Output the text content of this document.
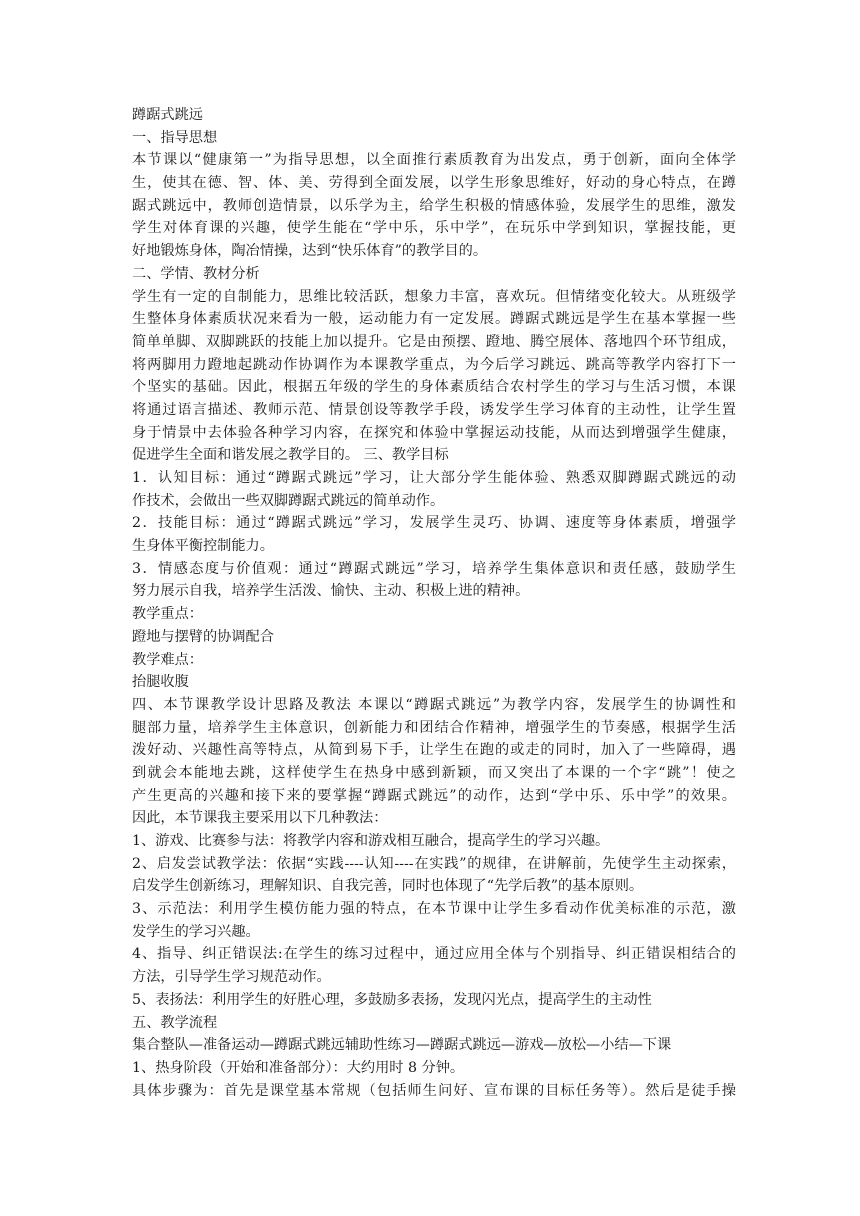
蹲踞式跳远
一、指导思想
本节课以“健康第一”为指导思想，以全面推行素质教育为出发点，勇于创新，面向全体学
生，使其在德、智、体、美、劳得到全面发展，以学生形象思维好，好动的身心特点，在蹲
踞式跳远中，教师创造情景，以乐学为主，给学生积极的情感体验，发展学生的思维，激发
学生对体育课的兴趣，使学生能在“学中乐，乐中学”，在玩乐中学到知识，掌握技能，更
好地锻炼身体，陶冶情操，达到“快乐体育”的教学目的。
二、学情、教材分析
学生有一定的自制能力，思维比较活跃，想象力丰富，喜欢玩。但情绪变化较大。从班级学
生整体身体素质状况来看为一般，运动能力有一定发展。蹲踞式跳远是学生在基本掌握一些
简单单脚、双脚跳跃的技能上加以提升。它是由预摆、蹬地、腾空展体、落地四个环节组成，
将两脚用力蹬地起跳动作协调作为本课教学重点，为今后学习跳远、跳高等教学内容打下一
个坚实的基础。因此，根据五年级的学生的身体素质结合农村学生的学习与生活习惯，本课
将通过语言描述、教师示范、情景创设等教学手段，诱发学生学习体育的主动性，让学生置
身于情景中去体验各种学习内容，在探究和体验中掌握运动技能，从而达到增强学生健康，
促进学生全面和谐发展之教学目的。 三、教学目标
1．认知目标：通过“蹲踞式跳远”学习，让大部分学生能体验、熟悉双脚蹲踞式跳远的动
作技术，会做出一些双脚蹲踞式跳远的简单动作。
2．技能目标：通过“蹲踞式跳远”学习，发展学生灵巧、协调、速度等身体素质，增强学
生身体平衡控制能力。
3．情感态度与价值观：通过“蹲踞式跳远”学习，培养学生集体意识和责任感，鼓励学生
努力展示自我，培养学生活泼、愉快、主动、积极上进的精神。
教学重点：
蹬地与摆臂的协调配合
教学难点：
抬腿收腹
四、本节课教学设计思路及教法 本课以“蹲踞式跳远”为教学内容，发展学生的协调性和
腿部力量，培养学生主体意识，创新能力和团结合作精神，增强学生的节奏感，根据学生活
泼好动、兴趣性高等特点，从简到易下手，让学生在跑的或走的同时，加入了一些障碍，遇
到就会本能地去跳，这样使学生在热身中感到新颖，而又突出了本课的一个字“跳”！使之
产生更高的兴趣和接下来的要掌握“蹲踞式跳远”的动作，达到“学中乐、乐中学”的效果。
因此，本节课我主要采用以下几种教法：
1、游戏、比赛参与法：将教学内容和游戏相互融合，提高学生的学习兴趣。
2、启发尝试教学法：依据“实践----认知----在实践”的规律，在讲解前，先使学生主动探索，
启发学生创新练习，理解知识、自我完善，同时也体现了“先学后教”的基本原则。
3、示范法：利用学生模仿能力强的特点，在本节课中让学生多看动作优美标准的示范，激
发学生的学习兴趣。
4、指导、纠正错误法:在学生的练习过程中，通过应用全体与个别指导、纠正错误相结合的
方法，引导学生学习规范动作。
5、表扬法：利用学生的好胜心理，多鼓励多表扬，发现闪光点，提高学生的主动性
五、教学流程
集合整队—准备运动—蹲踞式跳远辅助性练习—蹲踞式跳远—游戏—放松—小结—下课
1、热身阶段（开始和准备部分）：大约用时 8 分钟。
具体步骤为：首先是课堂基本常规（包括师生问好、宣布课的目标任务等）。然后是徒手操
